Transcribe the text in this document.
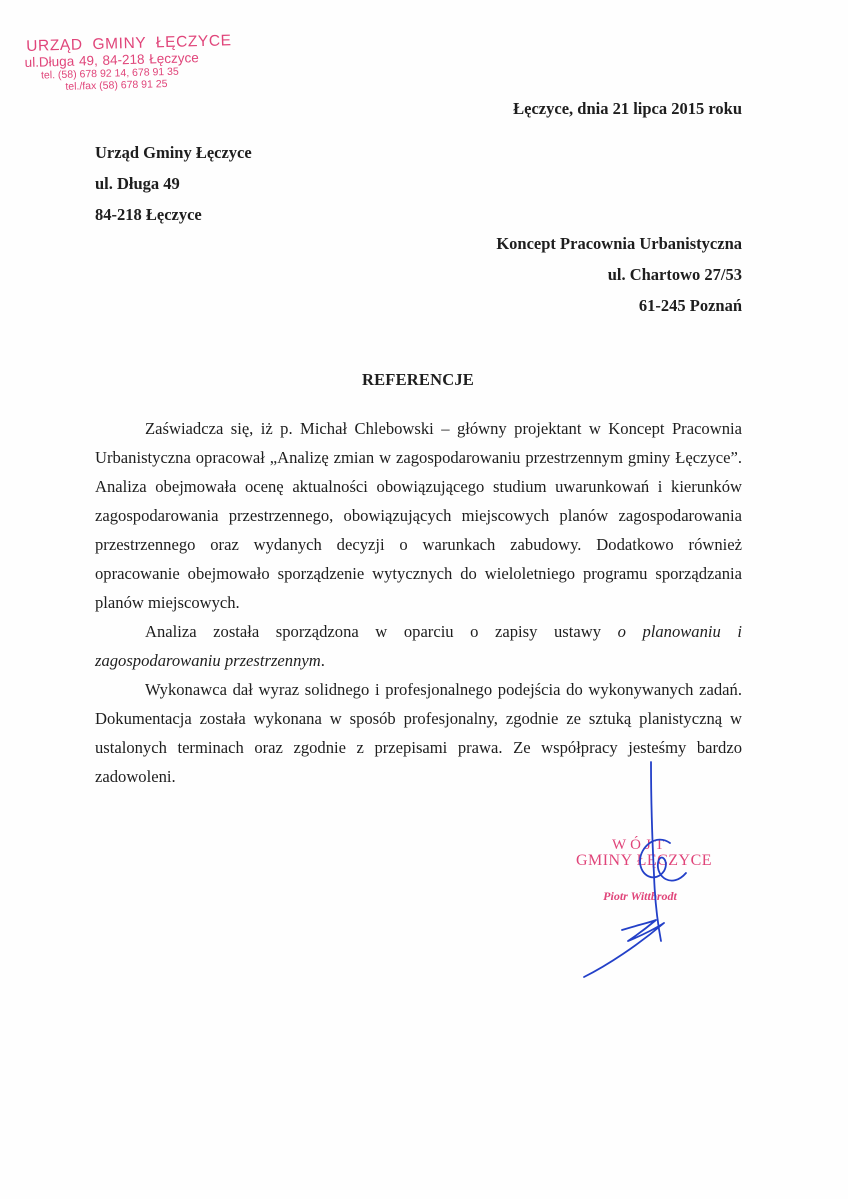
URZĄD GMINY ŁĘCZYCE
ul.Długa 49, 84-218 Łęczyce
tel. (58) 678 92 14, 678 91 35
tel./fax (58) 678 91 25
Łęczyce, dnia 21 lipca 2015 roku
Urząd Gminy Łęczyce
ul. Długa 49
84-218 Łęczyce
Koncept Pracownia Urbanistyczna
ul. Chartowo 27/53
61-245 Poznań
REFERENCJE

Zaświadcza się, iż p. Michał Chlebowski – główny projektant w Koncept Pracownia Urbanistyczna opracował „Analizę zmian w zagospodarowaniu przestrzennym gminy Łęczyce”. Analiza obejmowała ocenę aktualności obowiązującego studium uwarunkowań i kierunków zagospodarowania przestrzennego, obowiązujących miejscowych planów zagospodarowania przestrzennego oraz wydanych decyzji o warunkach zabudowy. Dodatkowo również opracowanie obejmowało sporządzenie wytycznych do wieloletniego programu sporządzania planów miejscowych.

Analiza została sporządzona w oparciu o zapisy ustawy o planowaniu i zagospodarowaniu przestrzennym.

Wykonawca dał wyraz solidnego i profesjonalnego podejścia do wykonywanych zadań. Dokumentacja została wykonana w sposób profesjonalny, zgodnie ze sztuką planistyczną w ustalonych terminach oraz zgodnie z przepisami prawa. Ze współpracy jesteśmy bardzo zadowoleni.

WÓJT
GMINY ŁĘCZYCE
Piotr Wittbrodt
